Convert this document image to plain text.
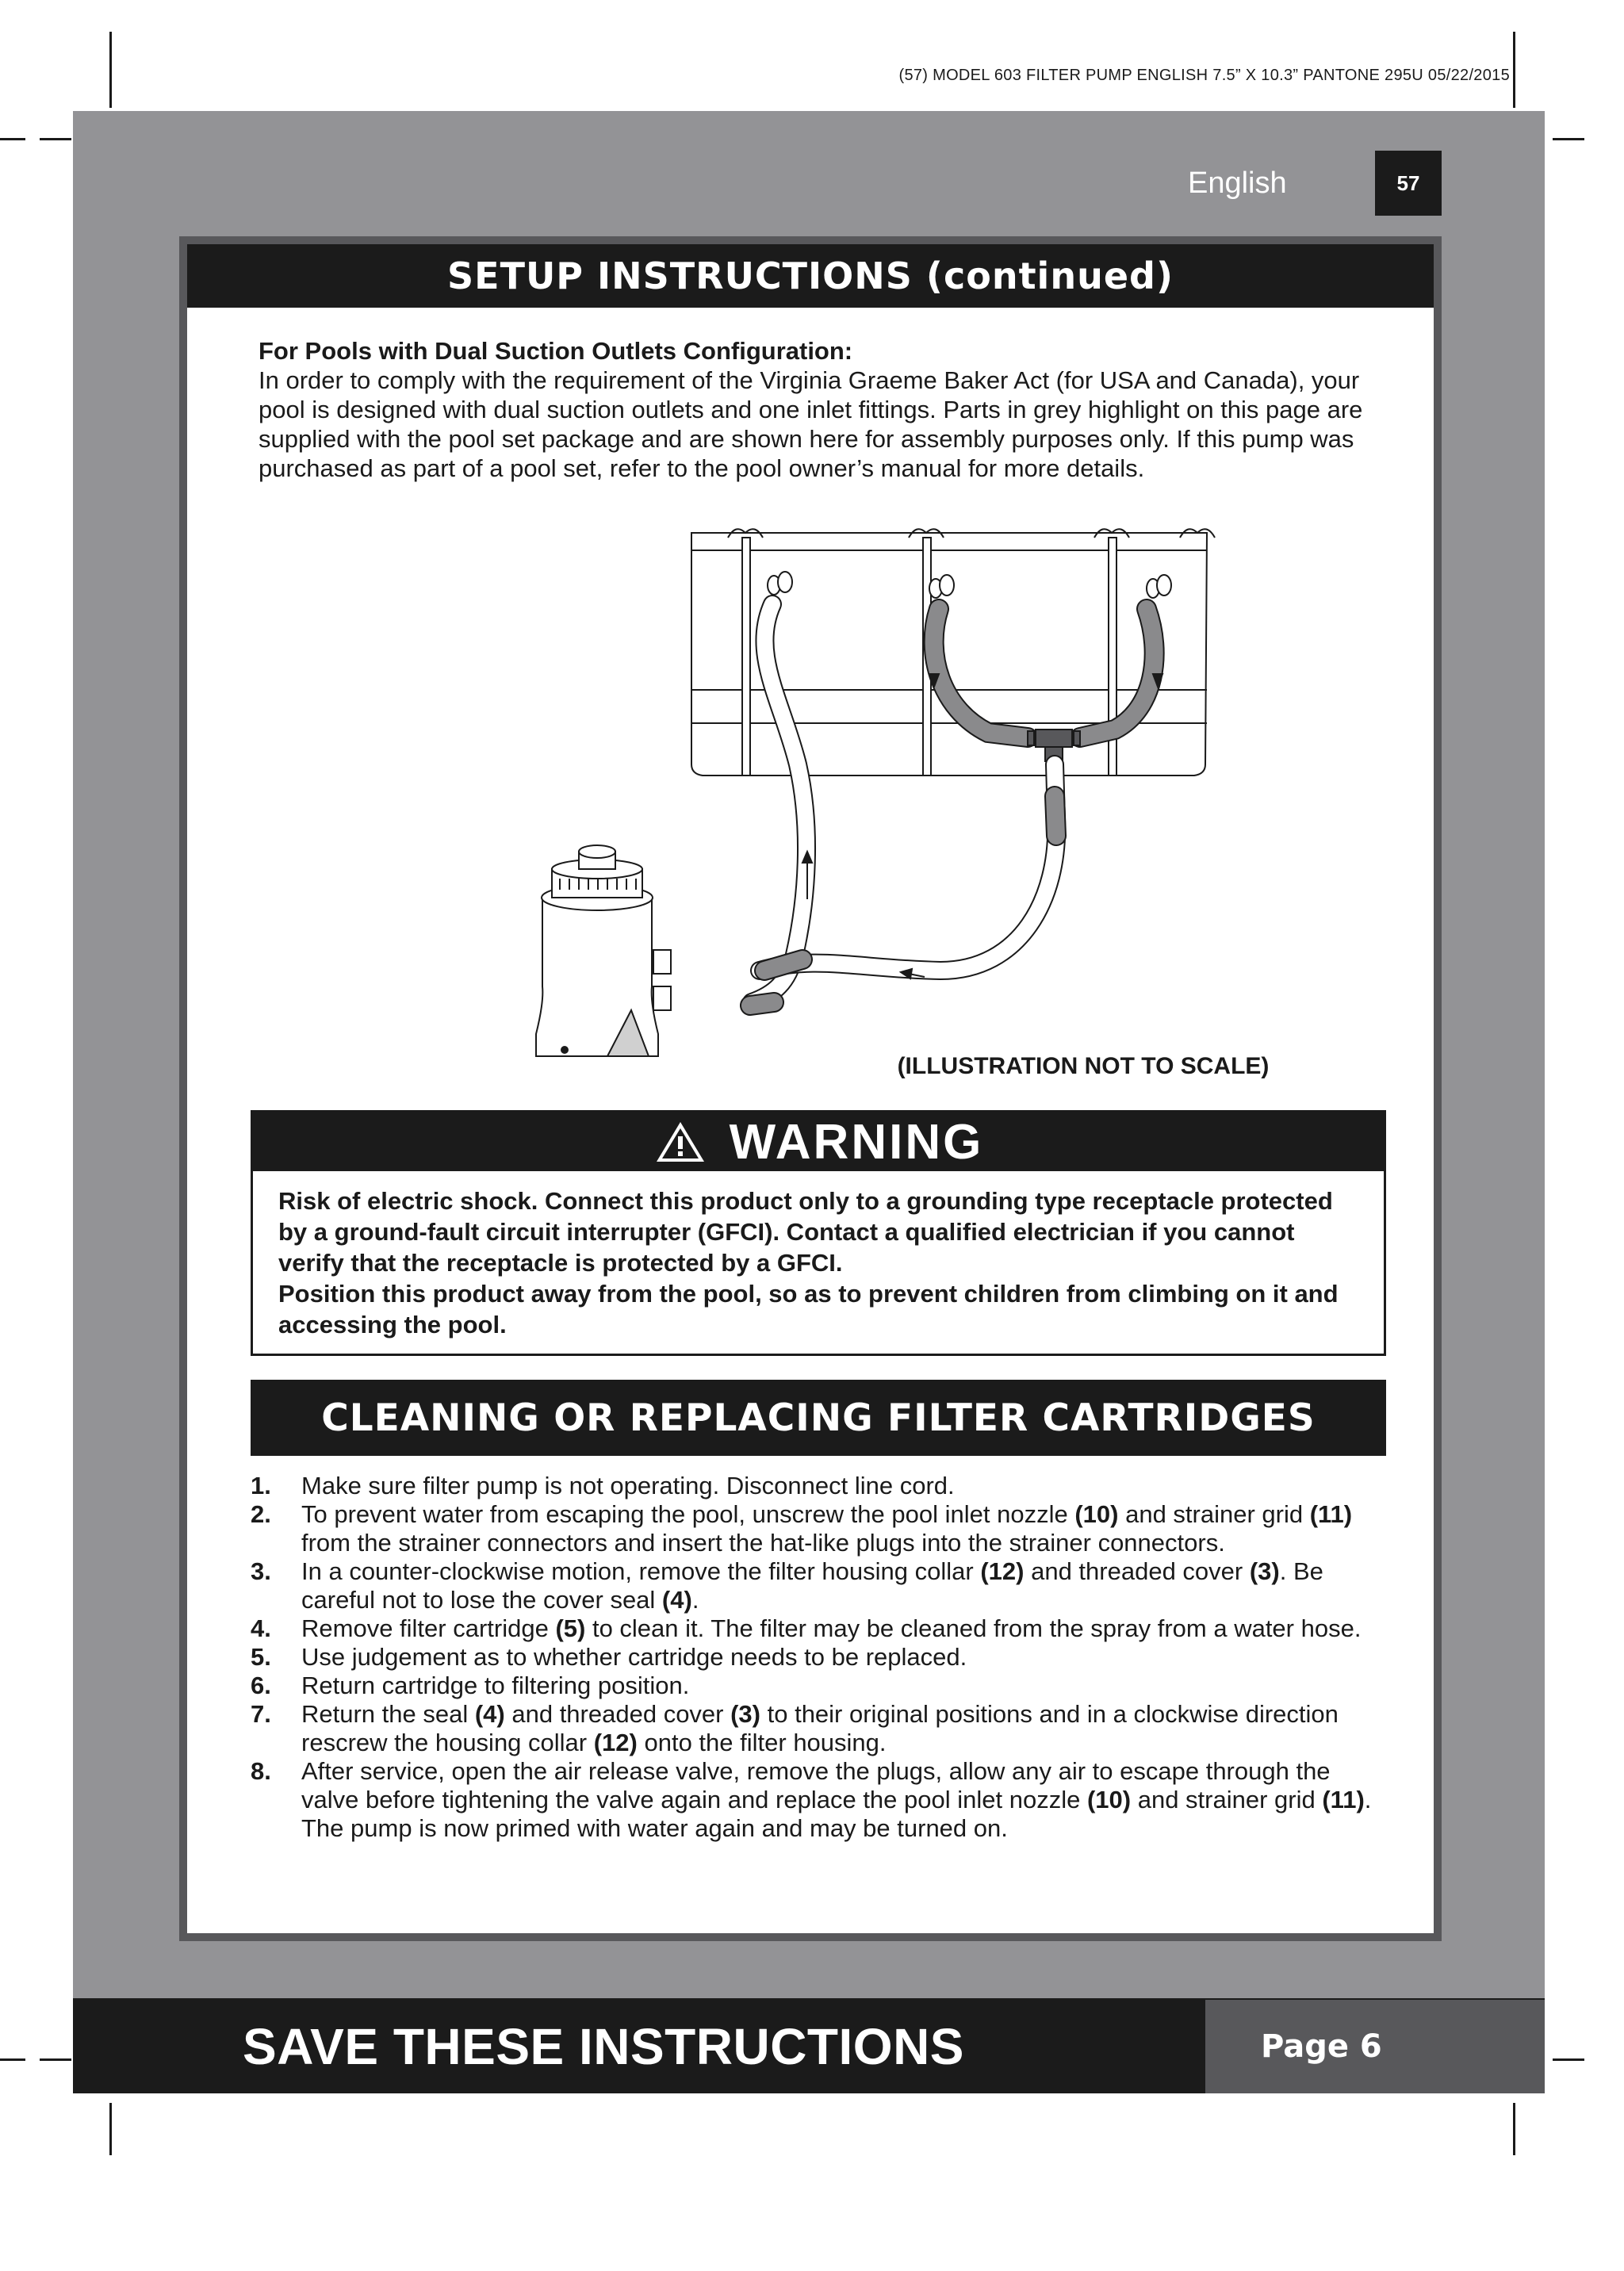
(57) MODEL 603 FILTER PUMP ENGLISH 7.5” X 10.3” PANTONE 295U 05/22/2015
English	57
SETUP INSTRUCTIONS (continued)
For Pools with Dual Suction Outlets Configuration:
In order to comply with the requirement of the Virginia Graeme Baker Act (for USA and Canada), your pool is designed with dual suction outlets and one inlet fittings. Parts in grey highlight on this page are supplied with the pool set package and are shown here for assembly purposes only. If this pump was purchased as part of a pool set, refer to the pool owner’s manual for more details.
(ILLUSTRATION NOT TO SCALE)
WARNING

Risk of electric shock. Connect this product only to a grounding type receptacle protected by a ground-fault circuit interrupter (GFCI). Contact a qualified electrician if you cannot verify that the receptacle is protected by a GFCI.

Position this product away from the pool, so as to prevent children from climbing on it and accessing the pool.

CLEANING OR REPLACING FILTER CARTRIDGES
1.	Make sure filter pump is not operating. Disconnect line cord.
2.	To prevent water from escaping the pool, unscrew the pool inlet nozzle (10) and strainer grid (11) from the strainer connectors and insert the hat-like plugs into the strainer connectors.
3.	In a counter-clockwise motion, remove the filter housing collar (12) and threaded cover (3). Be careful not to lose the cover seal (4).
4.	Remove filter cartridge (5) to clean it. The filter may be cleaned from the spray from a water hose.
5.	Use judgement as to whether cartridge needs to be replaced.
6.	Return cartridge to filtering position.
7.	Return the seal (4) and threaded cover (3) to their original positions and in a clockwise direction rescrew the housing collar (12) onto the filter housing.
8.	After service, open the air release valve, remove the plugs, allow any air to escape through the valve before tightening the valve again and replace the pool inlet nozzle (10) and strainer grid (11). The pump is now primed with water again and may be turned on.
SAVE THESE INSTRUCTIONS	Page 6
